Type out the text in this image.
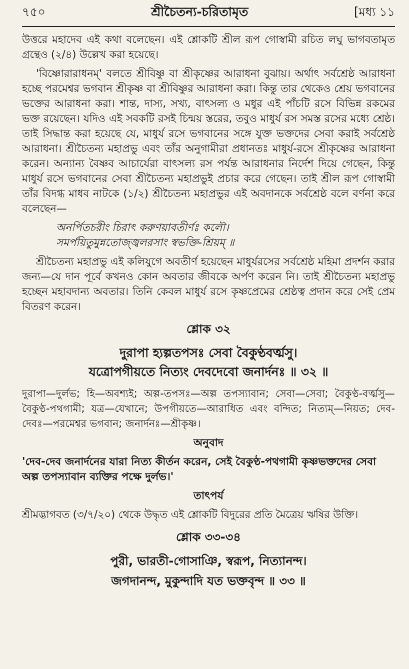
৭৫০	শ্রীচৈতন্য-চরিতামৃত	[মধ্য ১১

উত্তরে মহাদেব এই কথা বলেছেন। এই শ্লোকটি শ্রীল রূপ গোস্বামী রচিত লঘু ভাগবতামৃত গ্রন্থেও (২/৪) উল্লেখ করা হয়েছে।

'বিষ্ণোরারাধনম্' বলতে শ্রীবিষ্ণু বা শ্রীকৃষ্ণের আরাধনা বুঝায়। অর্থাৎ সর্বশ্রেষ্ঠ আরাধনা হচ্ছে পরমেশ্বর ভগবান শ্রীকৃষ্ণ বা শ্রীবিষ্ণুর আরাধনা করা। কিন্তু তার থেকেও শ্রেয় ভগবানের ভক্তের আরাধনা করা। শান্ত, দাস্য, সখ্য, বাৎসল্য ও মধুর এই পাঁচটি রসে বিভিন্ন রকমের ভক্ত রয়েছেন। যদিও এই সবকটি রসই চিন্ময় স্তরের, তবুও মাধুর্য রস সমস্ত রসের মধ্যে শ্রেষ্ঠ। তাই সিদ্ধান্ত করা হয়েছে যে, মাধুর্য রসে ভগবানের সঙ্গে যুক্ত ভক্তদের সেবা করাই সর্বশ্রেষ্ঠ আরাধনা। শ্রীচৈতন্য মহাপ্রভু এবং তাঁর অনুগামীরা প্রধানতঃ মাধুর্য-রসে শ্রীকৃষ্ণের আরাধনা করেন। অন্যান্য বৈষ্ণব আচার্যেরা বাৎসল্য রস পর্যন্ত আরাধনার নির্দেশ দিয়ে গেছেন, কিন্তু মাধুর্য রসে ভগবানের সেবা শ্রীচৈতন্য মহাপ্রভুই প্রচার করে গেছেন। তাই শ্রীল রূপ গোস্বামী তাঁর বিদগ্ধ মাধব নাটকে (১/২) শ্রীচৈতন্য মহাপ্রভুর এই অবদানকে সর্বশ্রেষ্ঠ বলে বর্ণনা করে বলেছেন—

অনর্পিতচরীং চিরাৎ করুণয়াবতীর্ণঃ কলৌ।
সমর্পয়িতুমুন্নতোজ্জ্বলরসাং স্বভক্তি-শ্রিয়ম্ ॥

শ্রীচৈতন্য মহাপ্রভু এই কলিযুগে অবতীর্ণ হয়েছেন মাধুর্যরসের সর্বশ্রেষ্ঠ মহিমা প্রদর্শন করার জন্য—যে দান পূর্বে কখনও কোন অবতার জীবকে অর্পণ করেন নি। তাই শ্রীচৈতন্য মহাপ্রভু হচ্ছেন মহাবদান্য অবতার। তিনি কেবল মাধুর্য রসে কৃষ্ণপ্রেমের শ্রেষ্ঠত্ব প্রদান করে সেই প্রেম বিতরণ করেন।

শ্লোক ৩২
দুরাপা হ্যল্পতপসঃ সেবা বৈকুণ্ঠবর্ত্মসু।
যত্রোপগীয়তে নিত্যং দেবদেবো জনার্দনঃ ॥ ৩২ ॥
দুরাপা—দুর্লভ; হি—অবশ্যই; অল্প-তপসঃ—অল্প তপস্যাবান; সেবা—সেবা; বৈকুণ্ঠ-বর্ত্মসু—বৈকুণ্ঠ-পথগামী; যত্র—যেখানে; উপগীয়তে—আরাধিত এবং বন্দিত; নিত্যম্—নিয়ত; দেব-দেবঃ—পরমেশ্বর ভগবান; জনার্দনঃ—শ্রীকৃষ্ণ।
অনুবাদ
'দেব-দেব জনার্দনের যারা নিত্য কীর্তন করেন, সেই বৈকুণ্ঠ-পথগামী কৃষ্ণভক্তদের সেবা অল্প তপস্যাবান ব্যক্তির পক্ষে দুর্লভ।'
তাৎপর্য
শ্রীমদ্ভাগবত (৩/৭/২০) থেকে উদ্ধৃত এই শ্লোকটি বিদুরের প্রতি মৈত্রেয় ঋষির উক্তি।
শ্লোক ৩৩-৩৪
পুরী, ভারতী-গোসাঞি, স্বরূপ, নিত্যানন্দ।
জগদানন্দ, মুকুন্দাদি যত ভক্তবৃন্দ ॥ ৩৩ ॥
